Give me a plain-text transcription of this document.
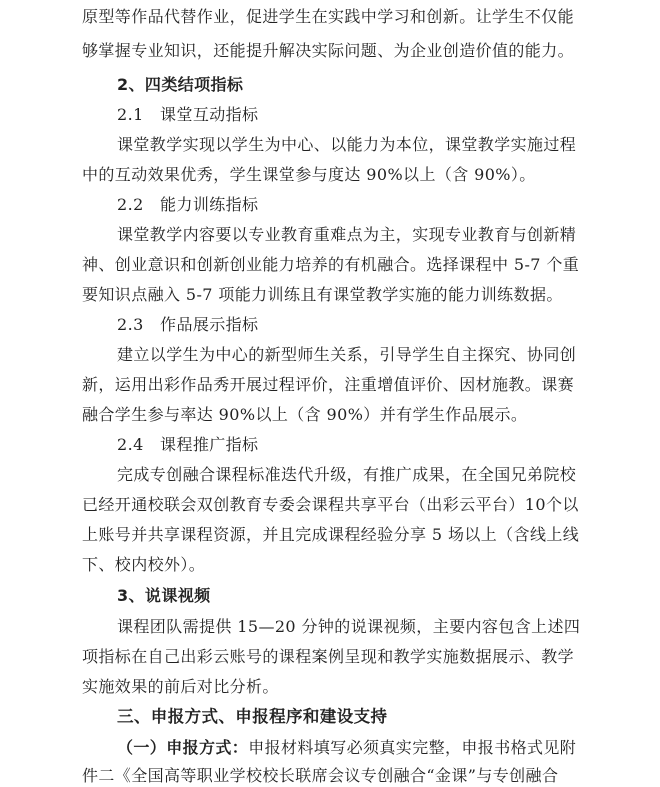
原型等作品代替作业，促进学生在实践中学习和创新。让学生不仅能
够掌握专业知识，还能提升解决实际问题、为企业创造价值的能力。
2、四类结项指标
2.1　课堂互动指标
课堂教学实现以学生为中心、以能力为本位，课堂教学实施过程
中的互动效果优秀，学生课堂参与度达 90%以上（含 90%）。
2.2　能力训练指标
课堂教学内容要以专业教育重难点为主，实现专业教育与创新精
神、创业意识和创新创业能力培养的有机融合。选择课程中 5-7 个重
要知识点融入 5-7 项能力训练且有课堂教学实施的能力训练数据。
2.3　作品展示指标
建立以学生为中心的新型师生关系，引导学生自主探究、协同创
新，运用出彩作品秀开展过程评价，注重增值评价、因材施教。课赛
融合学生参与率达 90%以上（含 90%）并有学生作品展示。
2.4　课程推广指标
完成专创融合课程标准迭代升级，有推广成果，在全国兄弟院校
已经开通校联会双创教育专委会课程共享平台（出彩云平台）10个以
上账号并共享课程资源，并且完成课程经验分享 5 场以上（含线上线
下、校内校外）。
3、说课视频
课程团队需提供 15—20 分钟的说课视频，主要内容包含上述四
项指标在自己出彩云账号的课程案例呈现和教学实施数据展示、教学
实施效果的前后对比分析。
三、申报方式、申报程序和建设支持
（一）申报方式：申报材料填写必须真实完整，申报书格式见附
件二《全国高等职业学校校长联席会议专创融合“金课”与专创融合
